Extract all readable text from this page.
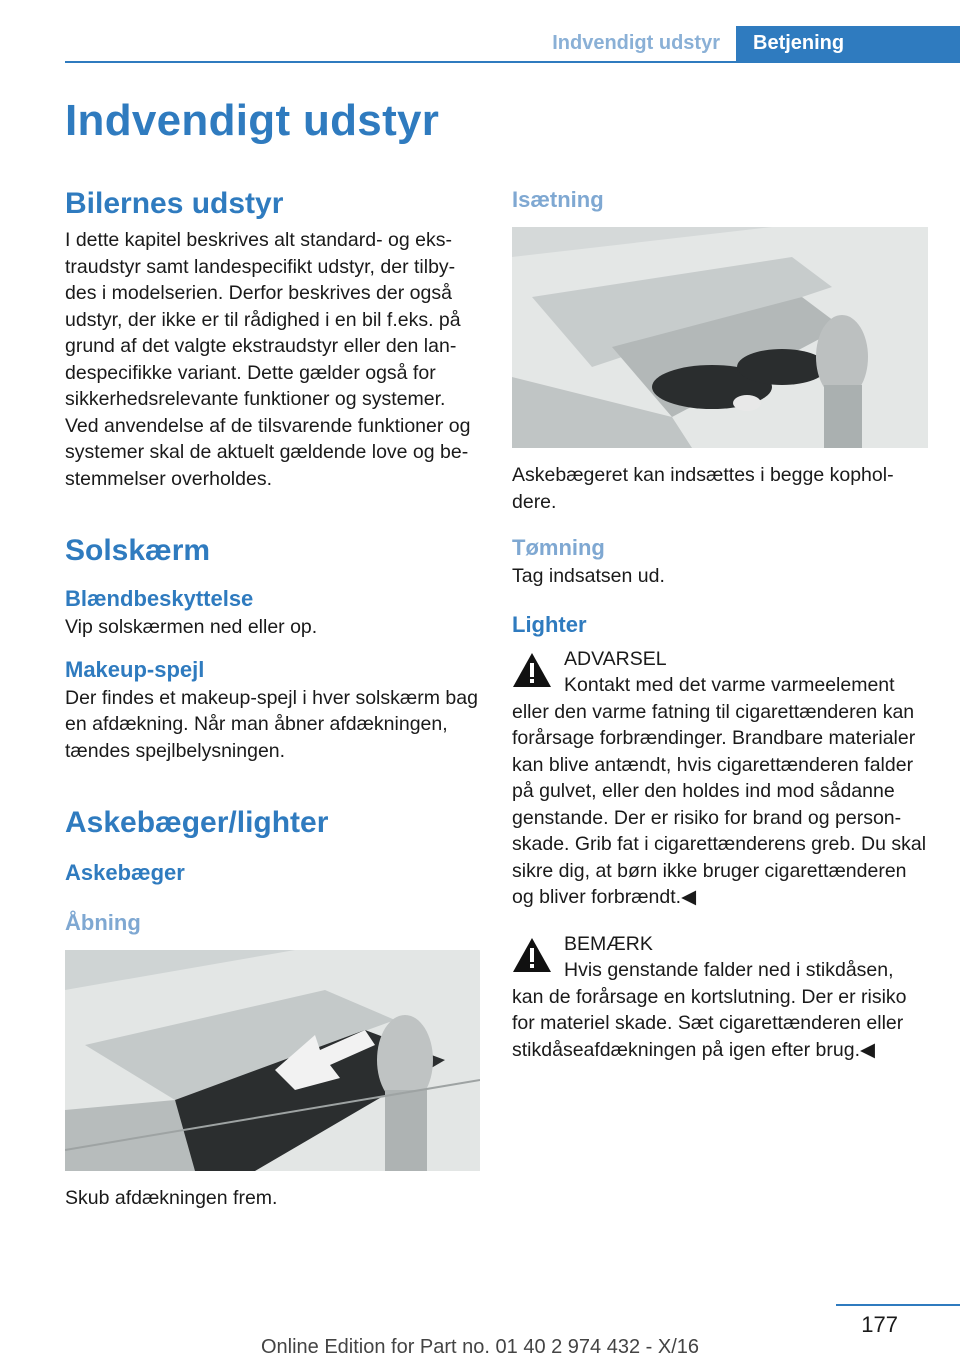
Indvendigt udstyr	Betjening
Indvendigt udstyr
Bilernes udstyr

I dette kapitel beskrives alt standard- og ekstraudstyr samt landespecifikt udstyr, der tilbydes i modelserien. Derfor beskrives der også udstyr, der ikke er til rådighed i en bil f.eks. på grund af det valgte ekstraudstyr eller den landespecifikke variant. Dette gælder også for sikkerhedsrelevante funktioner og systemer. Ved anvendelse af de tilsvarende funktioner og systemer skal de aktuelt gældende love og bestemmelser overholdes.

Solskærm
Blændbeskyttelse

Vip solskærmen ned eller op.

Makeup-spejl

Der findes et makeup-spejl i hver solskærm bag en afdækning. Når man åbner afdækningen, tændes spejlbelysningen.

Askebæger/lighter
Askebæger
Åbning

Skub afdækningen frem.

Isætning

Askebægeret kan indsættes i begge kopholdere.

Tømning

Tag indsatsen ud.

Lighter

ADVARSEL

Kontakt med det varme varmeelement
eller den varme fatning til cigarettænderen kan forårsage forbrændinger. Brandbare materialer kan blive antændt, hvis cigarettænderen falder på gulvet, eller den holdes ind mod sådanne genstande. Der er risiko for brand og personskade. Grib fat i cigarettænderens greb. Du skal sikre dig, at børn ikke bruger cigarettænderen og bliver forbrændt.◀

BEMÆRK

Hvis genstande falder ned i stikdåsen,
kan de forårsage en kortslutning. Der er risiko for materiel skade. Sæt cigarettænderen eller stikdåseafdækningen på igen efter brug.◀

177
Online Edition for Part no. 01 40 2 974 432 - X/16
